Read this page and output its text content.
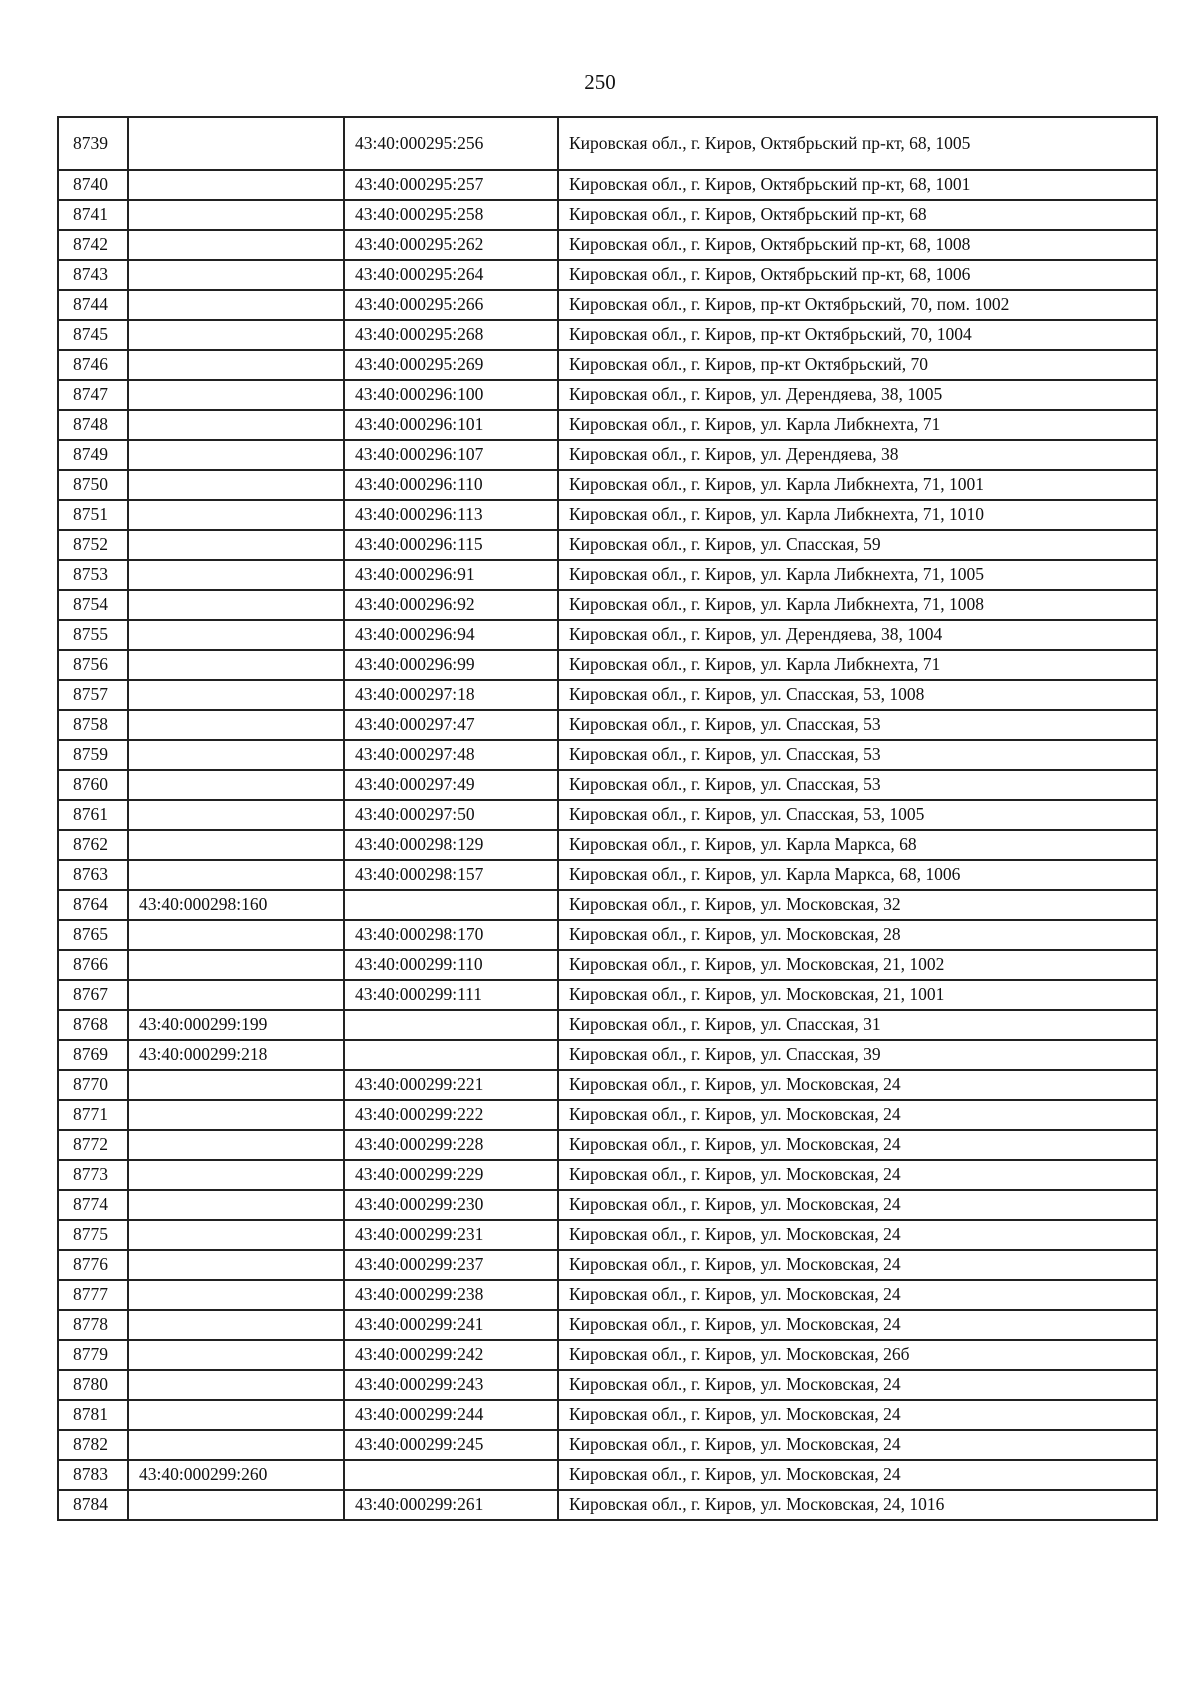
250
8739		43:40:000295:256	Кировская обл., г. Киров, Октябрьский пр-кт, 68, 1005
8740		43:40:000295:257	Кировская обл., г. Киров, Октябрьский пр-кт, 68, 1001
8741		43:40:000295:258	Кировская обл., г. Киров, Октябрьский пр-кт, 68
8742		43:40:000295:262	Кировская обл., г. Киров, Октябрьский пр-кт, 68, 1008
8743		43:40:000295:264	Кировская обл., г. Киров, Октябрьский пр-кт, 68, 1006
8744		43:40:000295:266	Кировская обл., г. Киров, пр-кт Октябрьский, 70, пом. 1002
8745		43:40:000295:268	Кировская обл., г. Киров, пр-кт Октябрьский, 70, 1004
8746		43:40:000295:269	Кировская обл., г. Киров, пр-кт Октябрьский, 70
8747		43:40:000296:100	Кировская обл., г. Киров, ул. Дерендяева, 38, 1005
8748		43:40:000296:101	Кировская обл., г. Киров, ул. Карла Либкнехта, 71
8749		43:40:000296:107	Кировская обл., г. Киров, ул. Дерендяева, 38
8750		43:40:000296:110	Кировская обл., г. Киров, ул. Карла Либкнехта, 71, 1001
8751		43:40:000296:113	Кировская обл., г. Киров, ул. Карла Либкнехта, 71, 1010
8752		43:40:000296:115	Кировская обл., г. Киров, ул. Спасская, 59
8753		43:40:000296:91	Кировская обл., г. Киров, ул. Карла Либкнехта, 71, 1005
8754		43:40:000296:92	Кировская обл., г. Киров, ул. Карла Либкнехта, 71, 1008
8755		43:40:000296:94	Кировская обл., г. Киров, ул. Дерендяева, 38, 1004
8756		43:40:000296:99	Кировская обл., г. Киров, ул. Карла Либкнехта, 71
8757		43:40:000297:18	Кировская обл., г. Киров, ул. Спасская, 53, 1008
8758		43:40:000297:47	Кировская обл., г. Киров, ул. Спасская, 53
8759		43:40:000297:48	Кировская обл., г. Киров, ул. Спасская, 53
8760		43:40:000297:49	Кировская обл., г. Киров, ул. Спасская, 53
8761		43:40:000297:50	Кировская обл., г. Киров, ул. Спасская, 53, 1005
8762		43:40:000298:129	Кировская обл., г. Киров, ул. Карла Маркса, 68
8763		43:40:000298:157	Кировская обл., г. Киров, ул. Карла Маркса, 68, 1006
8764	43:40:000298:160		Кировская обл., г. Киров, ул. Московская, 32
8765		43:40:000298:170	Кировская обл., г. Киров, ул. Московская, 28
8766		43:40:000299:110	Кировская обл., г. Киров, ул. Московская, 21, 1002
8767		43:40:000299:111	Кировская обл., г. Киров, ул. Московская, 21, 1001
8768	43:40:000299:199		Кировская обл., г. Киров, ул. Спасская, 31
8769	43:40:000299:218		Кировская обл., г. Киров, ул. Спасская, 39
8770		43:40:000299:221	Кировская обл., г. Киров, ул. Московская, 24
8771		43:40:000299:222	Кировская обл., г. Киров, ул. Московская, 24
8772		43:40:000299:228	Кировская обл., г. Киров, ул. Московская, 24
8773		43:40:000299:229	Кировская обл., г. Киров, ул. Московская, 24
8774		43:40:000299:230	Кировская обл., г. Киров, ул. Московская, 24
8775		43:40:000299:231	Кировская обл., г. Киров, ул. Московская, 24
8776		43:40:000299:237	Кировская обл., г. Киров, ул. Московская, 24
8777		43:40:000299:238	Кировская обл., г. Киров, ул. Московская, 24
8778		43:40:000299:241	Кировская обл., г. Киров, ул. Московская, 24
8779		43:40:000299:242	Кировская обл., г. Киров, ул. Московская, 26б
8780		43:40:000299:243	Кировская обл., г. Киров, ул. Московская, 24
8781		43:40:000299:244	Кировская обл., г. Киров, ул. Московская, 24
8782		43:40:000299:245	Кировская обл., г. Киров, ул. Московская, 24
8783	43:40:000299:260		Кировская обл., г. Киров, ул. Московская, 24
8784		43:40:000299:261	Кировская обл., г. Киров, ул. Московская, 24, 1016
